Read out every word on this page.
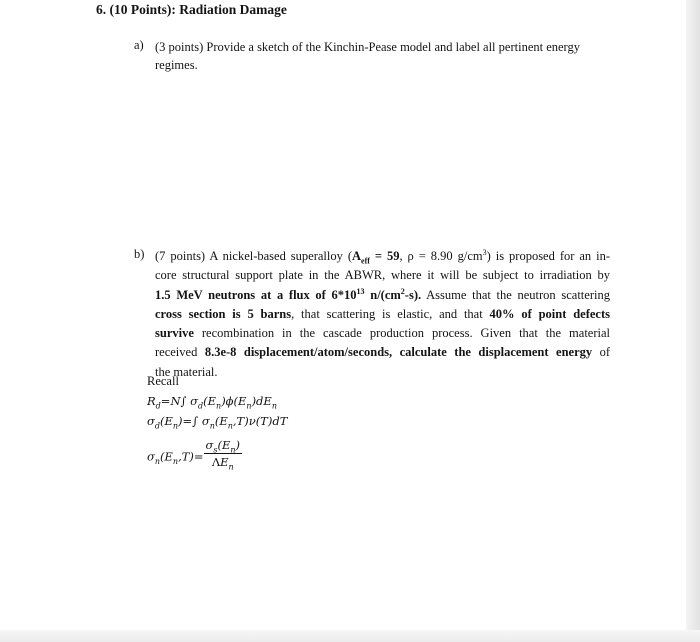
6. (10 Points): Radiation Damage
a) (3 points) Provide a sketch of the Kinchin-Pease model and label all pertinent energy regimes.
b) (7 points) A nickel-based superalloy ($A_{eff} = 59$, ρ = 8.90 $g/cm^3$) is proposed for an in-
core structural support plate in the ABWR, where it will be subject to irradiation by
1.5 MeV neutrons at a flux of $6*10^{13}$ $n/(cm^2-s)$. Assume that the neutron scattering
cross section is 5 barns, that scattering is elastic, and that 40% of point defects
survive recombination in the cascade production process. Given that the material
received 8.3e-8 displacement/atom/seconds, calculate the displacement energy of
the material.
Recall
$R_d=N\int$ $\sigma_d(E_n)\phi(E_n)dE_n$
$\sigma_d(E_n)=\int$ $\sigma_n(E_n,T)\nu(T)dT$
$\sigma_n(E_n,T)= \frac{\sigma_s(E_n)}{\Lambda E_n}$
